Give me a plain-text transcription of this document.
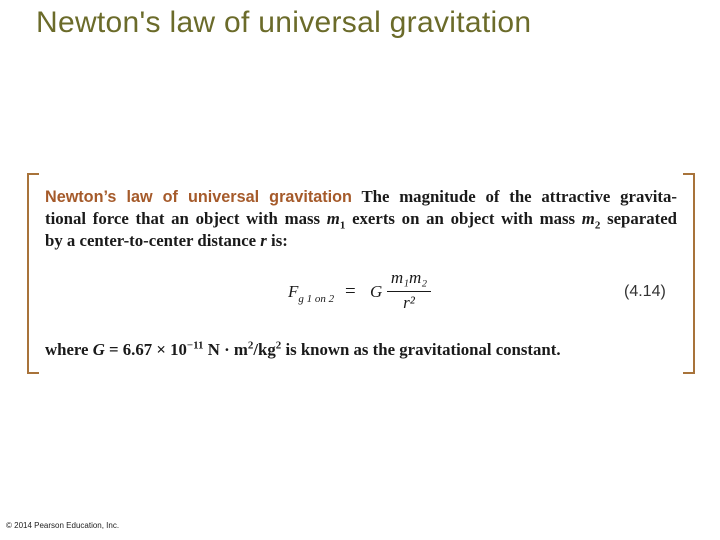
Newton's law of universal gravitation
Newton’s law of universal gravitation The magnitude of the attractive gravita-
tional force that an object with mass $m_1$ exerts on an object with mass $m_2$ separated
by a center-to-center distance r is:
$F_{g 1 on 2} = G$
m₁m₂
r²
(4.14)
where $G = 6.67 \times 10^{-11}$ $N \cdot m^2/kg^2$ is known as the gravitational constant.
© 2014 Pearson Education, Inc.
